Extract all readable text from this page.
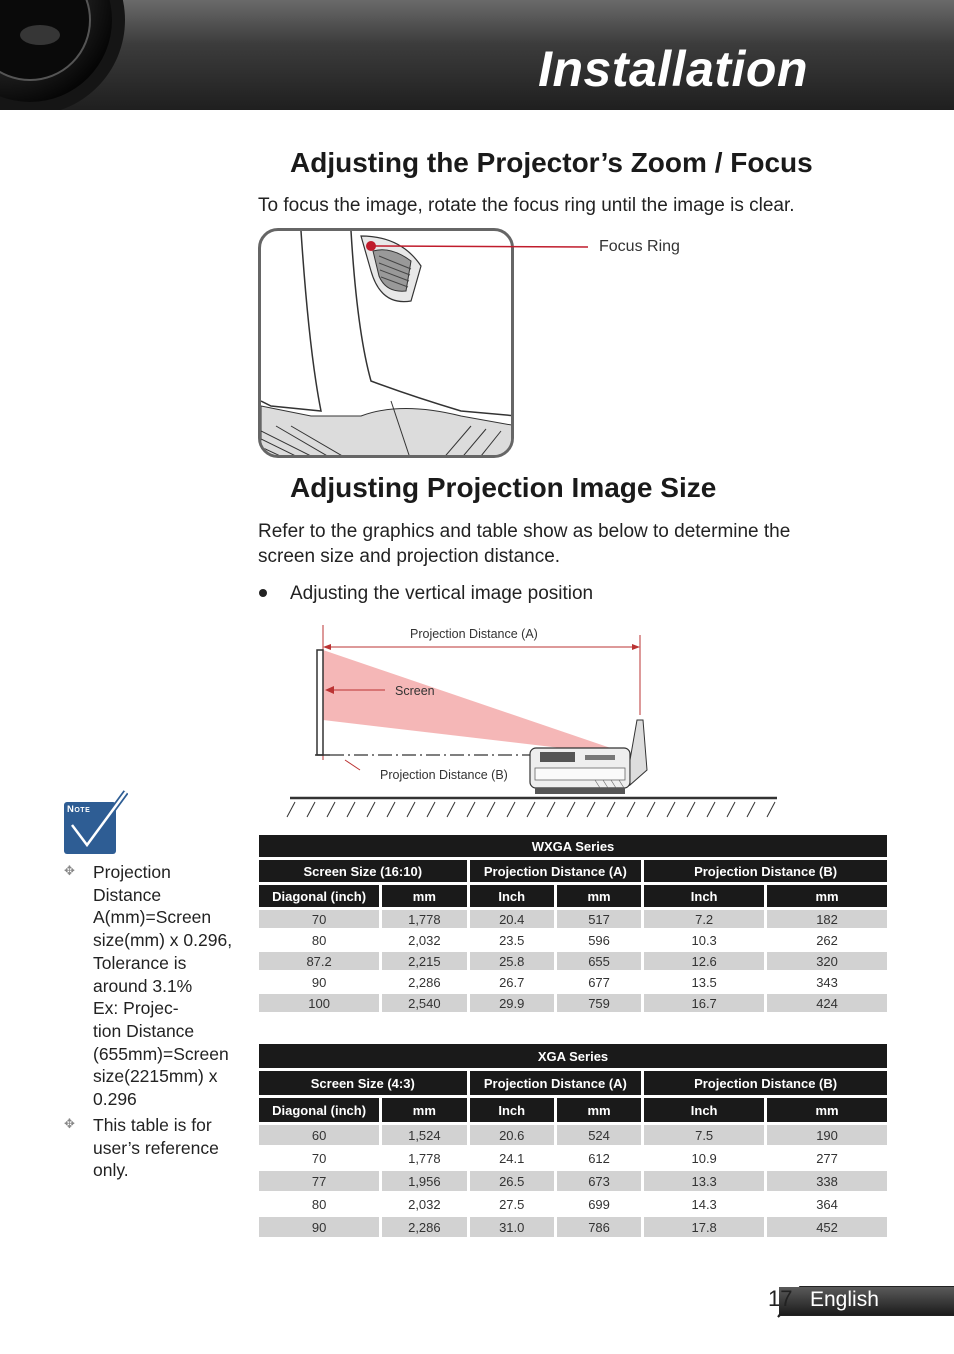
Installation
Adjusting the Projector’s Zoom / Focus
To focus the image, rotate the focus ring until the image is clear.
Focus Ring
Adjusting Projection Image Size
Refer to the graphics and table show as below to determine the
screen size and projection distance.
Adjusting the vertical image position
Projection Distance (A)
Screen
Projection Distance (B)
Note
✥ Projection
Distance
A(mm)=Screen
size(mm) x 0.296,
Tolerance is
around 3.1%
Ex: Projec-
tion Distance
(655mm)=Screen
size(2215mm) x
0.296
✥ This table is for
user’s reference
only.
WXGA Series					
Screen Size (16:10)		Projection Distance (A)		Projection Distance (B)	
Diagonal (inch)	mm	Inch	mm	Inch	mm
70	1,778	20.4	517	7.2	182
80	2,032	23.5	596	10.3	262
87.2	2,215	25.8	655	12.6	320
90	2,286	26.7	677	13.5	343
100	2,540	29.9	759	16.7	424
XGA Series					
Screen Size (4:3)		Projection Distance (A)		Projection Distance (B)	
Diagonal (inch)	mm	Inch	mm	Inch	mm
60	1,524	20.6	524	7.5	190
70	1,778	24.1	612	10.9	277
77	1,956	26.5	673	13.3	338
80	2,032	27.5	699	14.3	364
90	2,286	31.0	786	17.8	452
English
17
